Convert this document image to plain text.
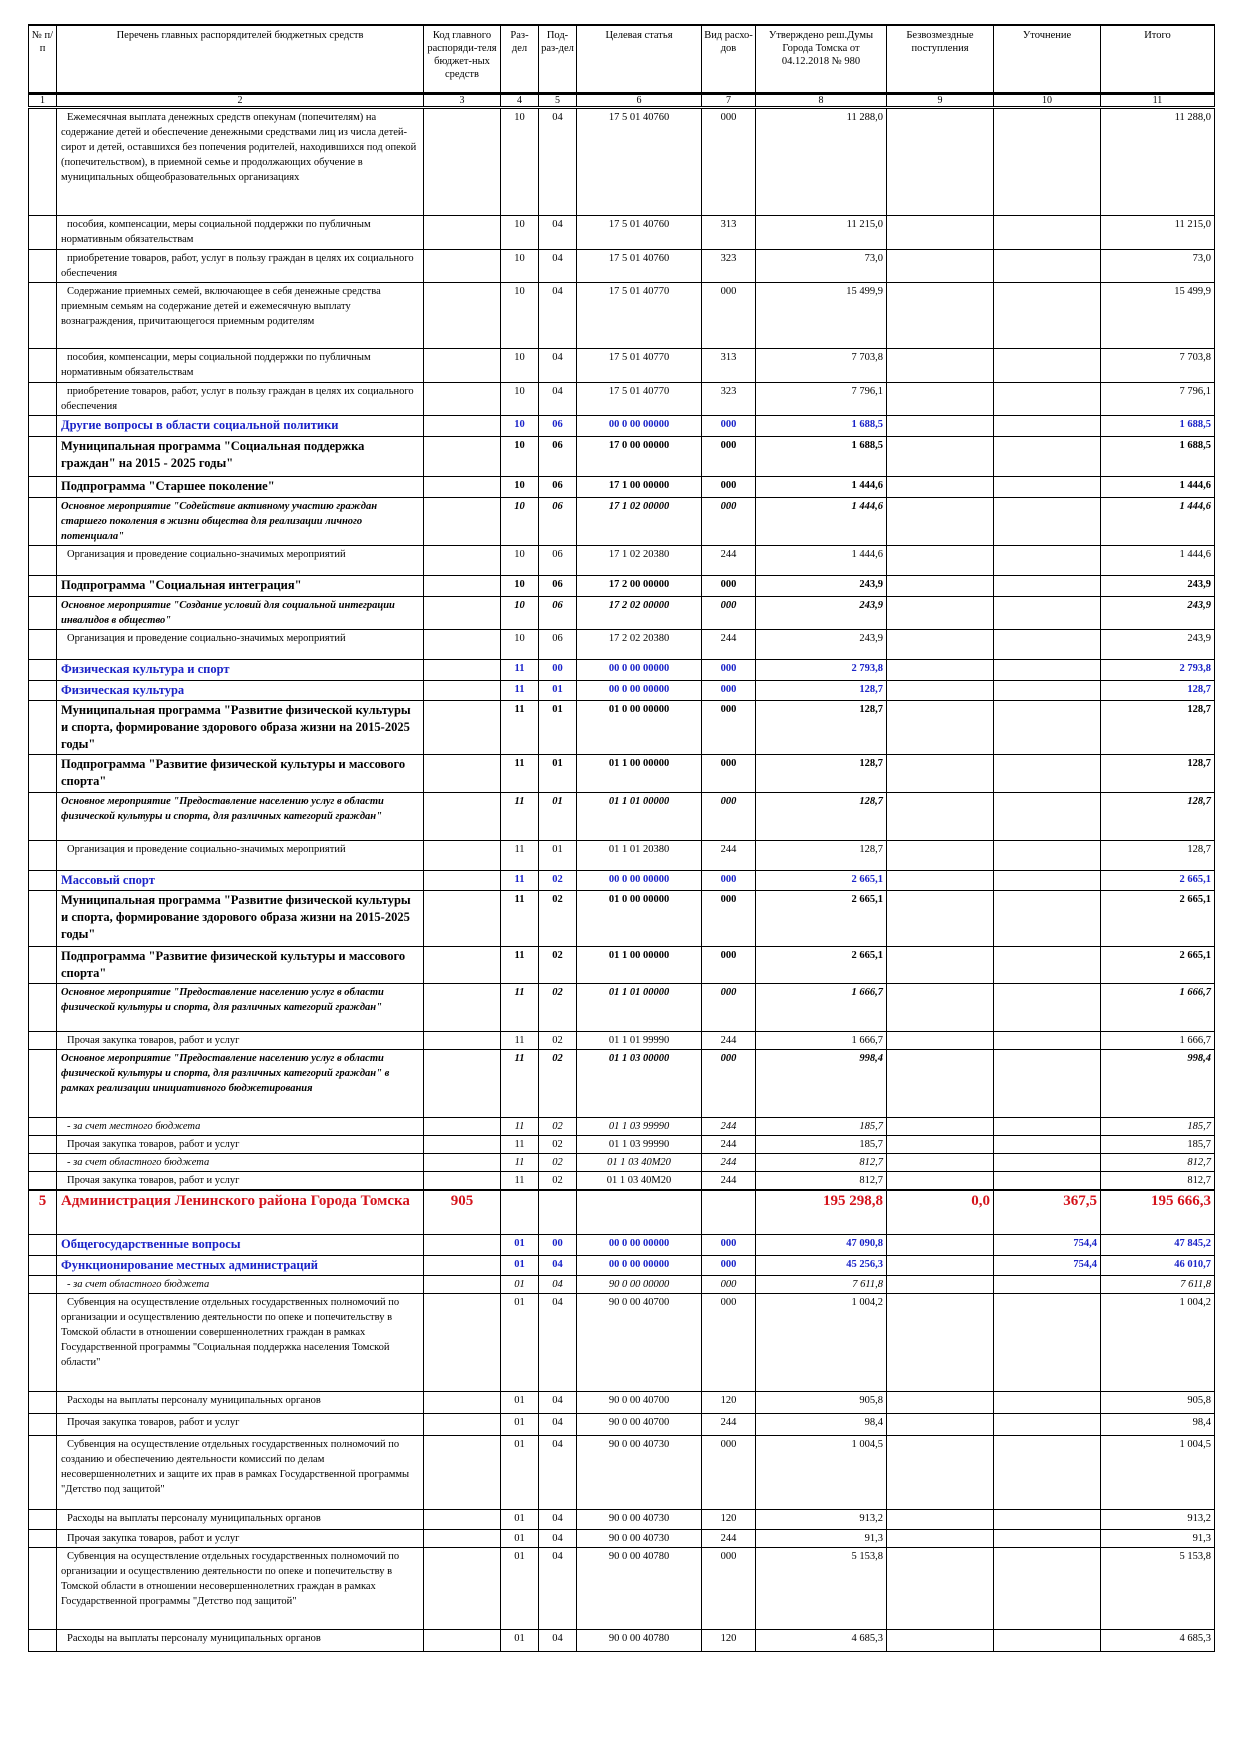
№ п/п	Перечень главных распорядителей бюджетных средств	Код главного распоряди-теля бюджет-ных средств	Раз-дел	Под-раз-дел	Целевая статья	Вид расхо-дов	Утверждено реш.Думы Города Томска от 04.12.2018 № 980	Безвозмездные поступления	Уточнение	Итого
1	2	3	4	5	6	7	8	9	10	11
	Ежемесячная выплата денежных средств опекунам (попечителям) на содержание детей и обеспечение денежными средствами лиц из числа детей-сирот и детей, оставшихся без попечения родителей, находившихся под опекой (попечительством), в приемной семье и продолжающих обучение в муниципальных общеобразовательных организациях		10	04	17 5 01 40760	000	11 288,0			11 288,0
	пособия, компенсации, меры социальной поддержки по публичным нормативным обязательствам		10	04	17 5 01 40760	313	11 215,0			11 215,0
	приобретение товаров, работ, услуг в пользу граждан в целях их социального обеспечения		10	04	17 5 01 40760	323	73,0			73,0
	Содержание приемных семей, включающее в себя денежные средства приемным семьям на содержание детей и ежемесячную выплату вознаграждения, причитающегося приемным родителям		10	04	17 5 01 40770	000	15 499,9			15 499,9
	пособия, компенсации, меры социальной поддержки по публичным нормативным обязательствам		10	04	17 5 01 40770	313	7 703,8			7 703,8
	приобретение товаров, работ, услуг в пользу граждан в целях их социального обеспечения		10	04	17 5 01 40770	323	7 796,1			7 796,1
	Другие вопросы в области социальной политики		10	06	00 0 00 00000	000	1 688,5			1 688,5
	Муниципальная программа "Социальная поддержка граждан" на 2015 - 2025 годы"		10	06	17 0 00 00000	000	1 688,5			1 688,5
	Подпрограмма "Старшее поколение"		10	06	17 1 00 00000	000	1 444,6			1 444,6
	Основное мероприятие "Содействие активному участию граждан старшего поколения в жизни общества для реализации личного потенциала"		10	06	17 1 02 00000	000	1 444,6			1 444,6
	Организация и проведение социально-значимых мероприятий		10	06	17 1 02 20380	244	1 444,6			1 444,6
	Подпрограмма "Социальная интеграция"		10	06	17 2 00 00000	000	243,9			243,9
	Основное мероприятие "Создание условий для социальной интеграции инвалидов в общество"		10	06	17 2 02 00000	000	243,9			243,9
	Организация и проведение социально-значимых мероприятий		10	06	17 2 02 20380	244	243,9			243,9
	Физическая культура и спорт		11	00	00 0 00 00000	000	2 793,8			2 793,8
	Физическая культура		11	01	00 0 00 00000	000	128,7			128,7
	Муниципальная программа "Развитие физической культуры и спорта, формирование здорового образа жизни на 2015-2025 годы"		11	01	01 0 00 00000	000	128,7			128,7
	Подпрограмма "Развитие физической культуры и массового спорта"		11	01	01 1 00 00000	000	128,7			128,7
	Основное мероприятие "Предоставление населению услуг в области физической культуры и спорта, для различных категорий граждан"		11	01	01 1 01 00000	000	128,7			128,7
	Организация и проведение социально-значимых мероприятий		11	01	01 1 01 20380	244	128,7			128,7
	Массовый спорт		11	02	00 0 00 00000	000	2 665,1			2 665,1
	Муниципальная программа "Развитие физической культуры и спорта, формирование здорового образа жизни на 2015-2025 годы"		11	02	01 0 00 00000	000	2 665,1			2 665,1
	Подпрограмма "Развитие физической культуры и массового спорта"		11	02	01 1 00 00000	000	2 665,1			2 665,1
	Основное мероприятие "Предоставление населению услуг в области физической культуры и спорта, для различных категорий граждан"		11	02	01 1 01 00000	000	1 666,7			1 666,7
	Прочая закупка товаров, работ и услуг		11	02	01 1 01 99990	244	1 666,7			1 666,7
	Основное мероприятие "Предоставление населению услуг в области физической культуры и спорта, для различных категорий граждан" в рамках реализации инициативного бюджетирования		11	02	01 1 03 00000	000	998,4			998,4
	- за счет местного бюджета		11	02	01 1 03 99990	244	185,7			185,7
	Прочая закупка товаров, работ и услуг		11	02	01 1 03 99990	244	185,7			185,7
	- за счет областного бюджета		11	02	01 1 03 40М20	244	812,7			812,7
	Прочая закупка товаров, работ и услуг		11	02	01 1 03 40М20	244	812,7			812,7
5	Администрация Ленинского района Города Томска	905					195 298,8	0,0	367,5	195 666,3
	Общегосударственные вопросы		01	00	00 0 00 00000	000	47 090,8		754,4	47 845,2
	Функционирование местных администраций		01	04	00 0 00 00000	000	45 256,3		754,4	46 010,7
	- за счет областного бюджета		01	04	90 0 00 00000	000	7 611,8			7 611,8
	Субвенция на осуществление отдельных государственных полномочий по организации и осуществлению деятельности по опеке и попечительству в Томской области в отношении совершеннолетних граждан в рамках Государственной программы "Социальная поддержка населения Томской области"		01	04	90 0 00 40700	000	1 004,2			1 004,2
	Расходы на выплаты персоналу муниципальных органов		01	04	90 0 00 40700	120	905,8			905,8
	Прочая закупка товаров, работ и услуг		01	04	90 0 00 40700	244	98,4			98,4
	Субвенция на осуществление отдельных государственных полномочий по созданию и обеспечению деятельности комиссий по делам несовершеннолетних и защите их прав в рамках Государственной программы "Детство под защитой"		01	04	90 0 00 40730	000	1 004,5			1 004,5
	Расходы на выплаты персоналу муниципальных органов		01	04	90 0 00 40730	120	913,2			913,2
	Прочая закупка товаров, работ и услуг		01	04	90 0 00 40730	244	91,3			91,3
	Субвенция на осуществление отдельных государственных полномочий по организации и осуществлению деятельности по опеке и попечительству в Томской области в отношении несовершеннолетних граждан в рамках Государственной программы "Детство под защитой"		01	04	90 0 00 40780	000	5 153,8			5 153,8
	Расходы на выплаты персоналу муниципальных органов		01	04	90 0 00 40780	120	4 685,3			4 685,3
